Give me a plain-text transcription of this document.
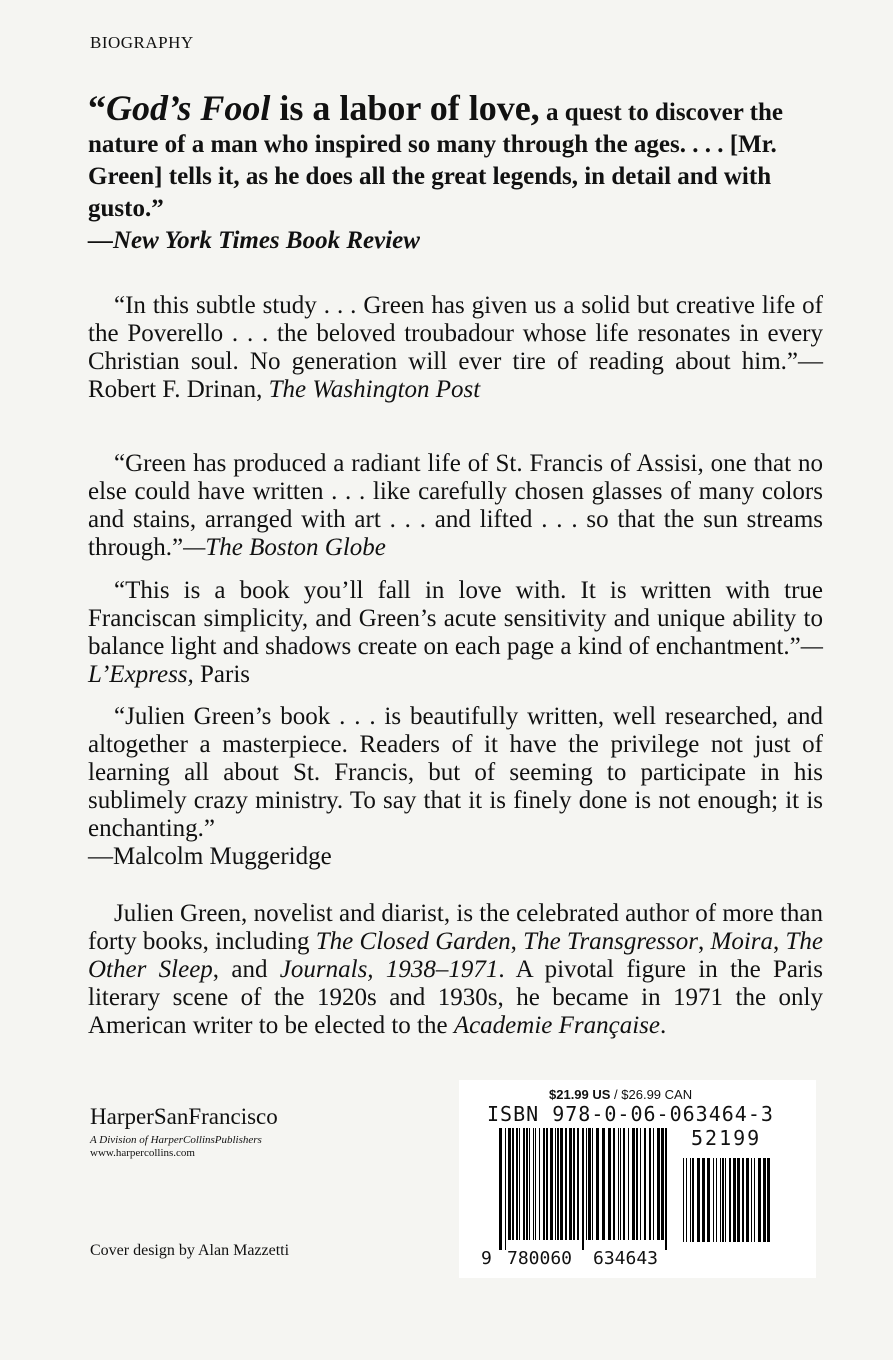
BIOGRAPHY
“God’s Fool is a labor of love, a quest to discover the nature of a man who inspired so many through the ages. . . . [Mr. Green] tells it, as he does all the great legends, in detail and with gusto.”
—New York Times Book Review

“In this subtle study . . . Green has given us a solid but creative life of the Poverello . . . the beloved troubadour whose life resonates in every Christian soul. No generation will ever tire of reading about him.”—Robert F. Drinan, The Washington Post

“Green has produced a radiant life of St. Francis of Assisi, one that no else could have written . . . like carefully chosen glasses of many colors and stains, arranged with art . . . and lifted . . . so that the sun streams through.”—The Boston Globe

“This is a book you’ll fall in love with. It is written with true Franciscan simplicity, and Green’s acute sensitivity and unique ability to balance light and shadows create on each page a kind of enchantment.”—L’Express, Paris

“Julien Green’s book . . . is beautifully written, well researched, and altogether a masterpiece. Readers of it have the privilege not just of learning all about St. Francis, but of seeming to participate in his sublimely crazy ministry. To say that it is finely done is not enough; it is enchanting.”
—Malcolm Muggeridge

Julien Green, novelist and diarist, is the celebrated author of more than forty books, including The Closed Garden, The Transgressor, Moira, The Other Sleep, and Journals, 1938–1971. A pivotal figure in the Paris literary scene of the 1920s and 1930s, he became in 1971 the only American writer to be elected to the Academie Française.

HarperSanFrancisco
A Division of HarperCollinsPublishers
www.harpercollins.com
Cover design by Alan Mazzetti
$21.99 US / $26.99 CAN
ISBN 978-0-06-063464-3
52199
9 780060 634643
